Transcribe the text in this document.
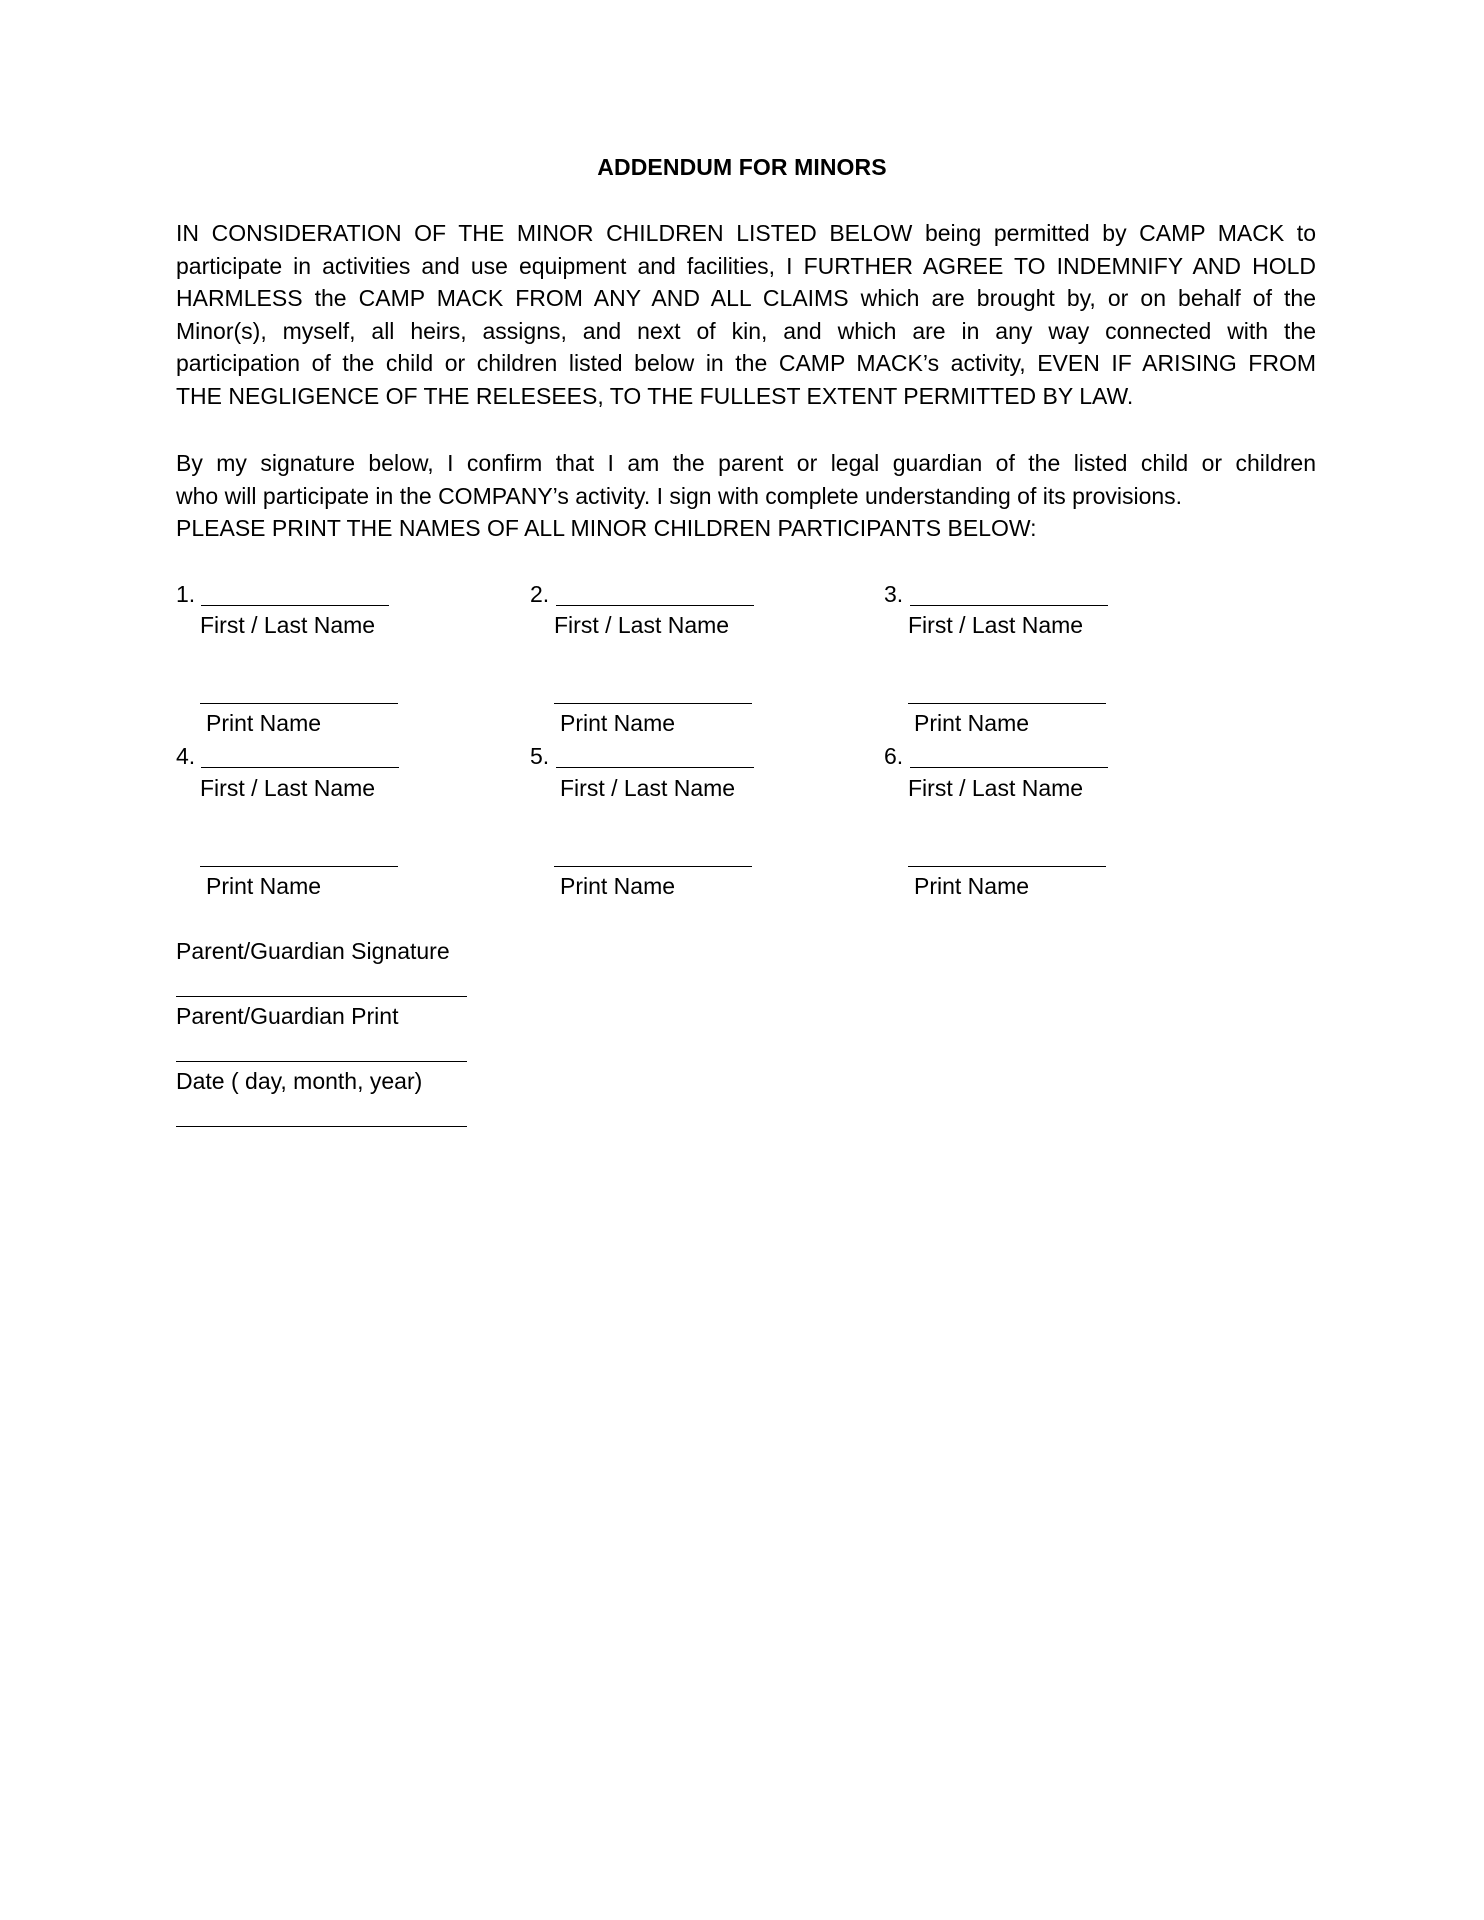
ADDENDUM FOR MINORS
IN CONSIDERATION OF THE MINOR CHILDREN LISTED BELOW being permitted by CAMP MACK to
participate in activities and use equipment and facilities, I FURTHER AGREE TO INDEMNIFY AND HOLD
HARMLESS the CAMP MACK FROM ANY AND ALL CLAIMS which are brought by, or on behalf of the
Minor(s), myself, all heirs, assigns, and next of kin, and which are in any way connected with the
participation of the child or children listed below in the CAMP MACK’s activity, EVEN IF ARISING FROM
THE NEGLIGENCE OF THE RELESEES, TO THE FULLEST EXTENT PERMITTED BY LAW.
By my signature below, I confirm that I am the parent or legal guardian of the listed child or children
who will participate in the COMPANY’s activity. I sign with complete understanding of its provisions.
PLEASE PRINT THE NAMES OF ALL MINOR CHILDREN PARTICIPANTS BELOW:
1.
First / Last Name
Print Name
2.
First / Last Name
Print Name
3.
First / Last Name
Print Name
4.
First / Last Name
Print Name
5.
First / Last Name
Print Name
6.
First / Last Name
Print Name
Parent/Guardian Signature
Parent/Guardian Print
Date ( day, month, year)
